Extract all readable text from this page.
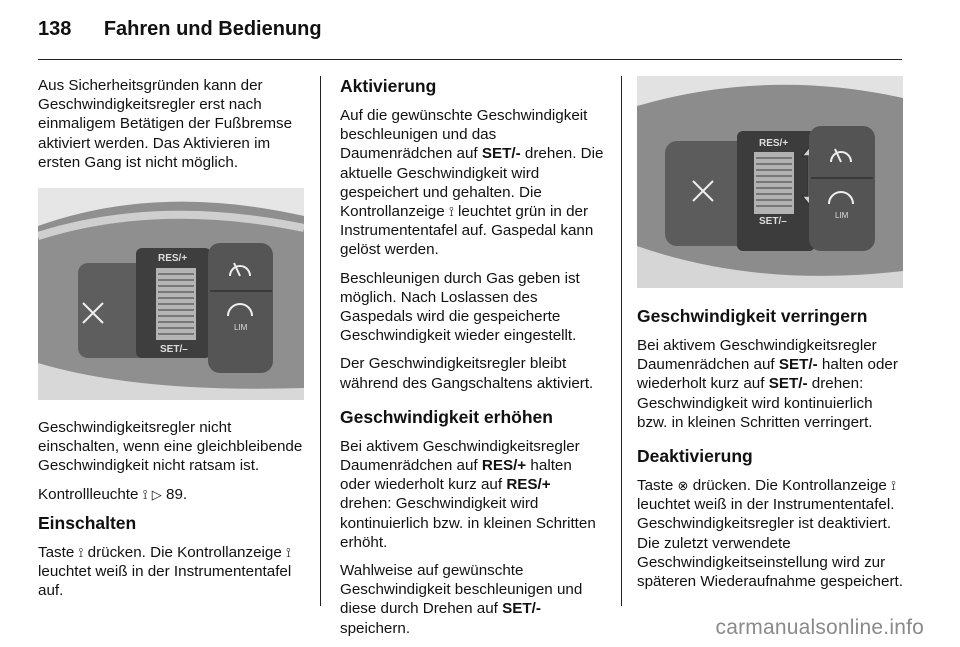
138 Fahren und Bedienung

Aus Sicherheitsgründen kann der Geschwindigkeitsregler erst nach einmaligem Betätigen der Fußbremse aktiviert werden. Das Aktivieren im ersten Gang ist nicht möglich.

RES/+
SET/–
LIM

Geschwindigkeitsregler nicht einschalten, wenn eine gleichbleibende Geschwindigkeit nicht ratsam ist.

Kontrollleuchte ⟟ ▷ 89.

Einschalten

Taste ⟟ drücken. Die Kontrollanzeige ⟟ leuchtet weiß in der Instrumententafel auf.

Aktivierung

Auf die gewünschte Geschwindigkeit beschleunigen und das Daumenrädchen auf SET/- drehen. Die aktuelle Geschwindigkeit wird gespeichert und gehalten. Die Kontrollanzeige ⟟ leuchtet grün in der Instrumententafel auf. Gaspedal kann gelöst werden.

Beschleunigen durch Gas geben ist möglich. Nach Loslassen des Gaspedals wird die gespeicherte Geschwindigkeit wieder eingestellt.

Der Geschwindigkeitsregler bleibt während des Gangschaltens aktiviert.

Geschwindigkeit erhöhen

Bei aktivem Geschwindigkeitsregler Daumenrädchen auf RES/+ halten oder wiederholt kurz auf RES/+ drehen: Geschwindigkeit wird kontinuierlich bzw. in kleinen Schritten erhöht.

Wahlweise auf gewünschte Geschwindigkeit beschleunigen und diese durch Drehen auf SET/- speichern.

RES/+
SET/–
LIM

Geschwindigkeit verringern

Bei aktivem Geschwindigkeitsregler Daumenrädchen auf SET/- halten oder wiederholt kurz auf SET/- drehen: Geschwindigkeit wird kontinuierlich bzw. in kleinen Schritten verringert.

Deaktivierung

Taste ⊗ drücken. Die Kontrollanzeige ⟟ leuchtet weiß in der Instrumententafel. Geschwindigkeitsregler ist deaktiviert. Die zuletzt verwendete Geschwindigkeitseinstellung wird zur späteren Wiederaufnahme gespeichert.

carmanualsonline.info
